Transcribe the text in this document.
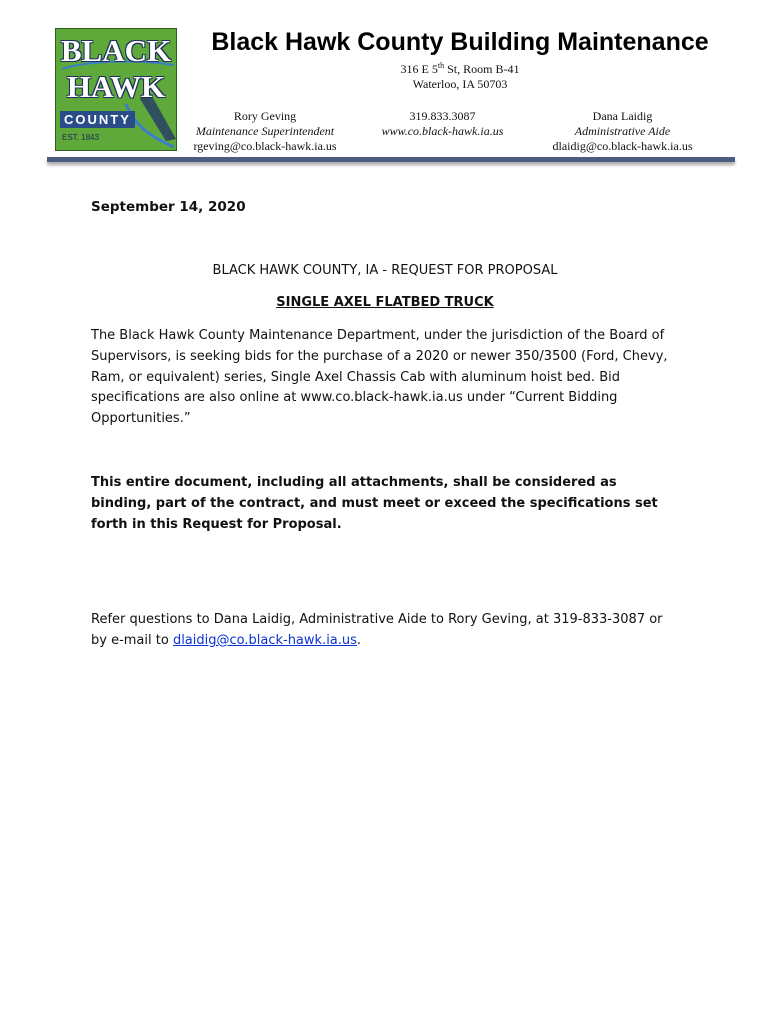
BLACK
HAWK
COUNTY
EST. 1843
Black Hawk County Building Maintenance
316 E 5th St, Room B-41
Waterloo, IA 50703
Rory Geving
Maintenance Superintendent
rgeving@co.black-hawk.ia.us
319.833.3087
www.co.black-hawk.ia.us
Dana Laidig
Administrative Aide
dlaidig@co.black-hawk.ia.us
September 14, 2020
BLACK HAWK COUNTY, IA - REQUEST FOR PROPOSAL
SINGLE AXEL FLATBED TRUCK
The Black Hawk County Maintenance Department, under the jurisdiction of the Board of Supervisors, is seeking bids for the purchase of a 2020 or newer 350/3500 (Ford, Chevy, Ram, or equivalent) series, Single Axel Chassis Cab with aluminum hoist bed. Bid specifications are also online at www.co.black-hawk.ia.us under “Current Bidding Opportunities.”
This entire document, including all attachments, shall be considered as binding, part of the contract, and must meet or exceed the specifications set forth in this Request for Proposal.
Refer questions to Dana Laidig, Administrative Aide to Rory Geving, at 319-833-3087 or by e-mail to dlaidig@co.black-hawk.ia.us.
